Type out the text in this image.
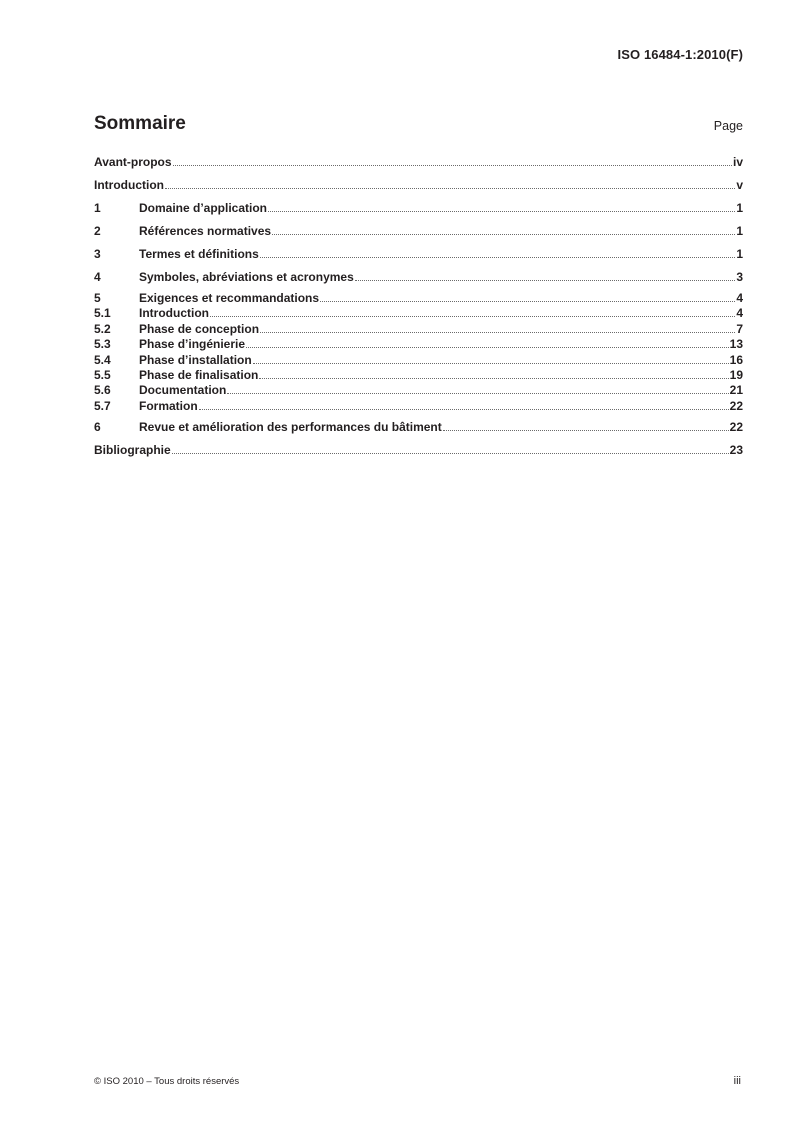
ISO 16484-1:2010(F)
Sommaire	Page
Avant-propos	iv
Introduction	v
1	Domaine d’application	1
2	Références normatives	1
3	Termes et définitions	1
4	Symboles, abréviations et acronymes	3
5	Exigences et recommandations	4
5.1	Introduction	4
5.2	Phase de conception	7
5.3	Phase d’ingénierie	13
5.4	Phase d’installation	16
5.5	Phase de finalisation	19
5.6	Documentation	21
5.7	Formation	22
6	Revue et amélioration des performances du bâtiment	22
Bibliographie	23
© ISO 2010 – Tous droits réservés	iii
